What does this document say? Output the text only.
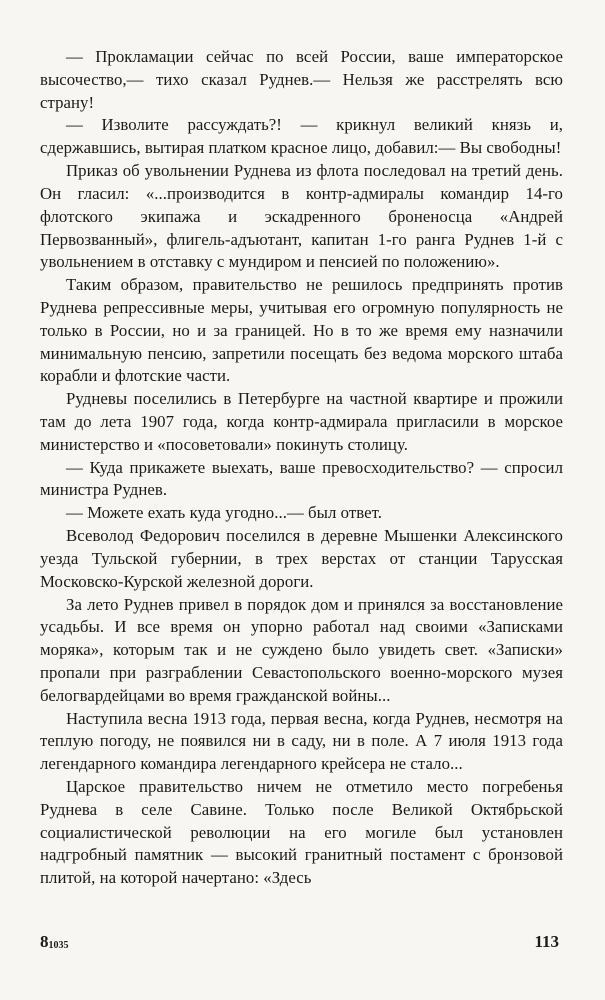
— Прокламации сейчас по всей России, ваше императорское высочество,— тихо сказал Руднев.— Нельзя же расстрелять всю страну!

— Изволите рассуждать?! — крикнул великий князь и, сдержавшись, вытирая платком красное лицо, добавил:— Вы свободны!

Приказ об увольнении Руднева из флота последовал на третий день. Он гласил: «...производится в контр-адмиралы командир 14-го флотского экипажа и эскадренного броненосца «Андрей Первозванный», флигель-адъютант, капитан 1-го ранга Руднев 1-й с увольнением в отставку с мундиром и пенсией по положению».

Таким образом, правительство не решилось предпринять против Руднева репрессивные меры, учитывая его огромную популярность не только в России, но и за границей. Но в то же время ему назначили минимальную пенсию, запретили посещать без ведома морского штаба корабли и флотские части.

Рудневы поселились в Петербурге на частной квартире и прожили там до лета 1907 года, когда контр-адмирала пригласили в морское министерство и «посоветовали» покинуть столицу.

— Куда прикажете выехать, ваше превосходительство? — спросил министра Руднев.

— Можете ехать куда угодно...— был ответ.

Всеволод Федорович поселился в деревне Мышенки Алексинского уезда Тульской губернии, в трех верстах от станции Тарусская Московско-Курской железной дороги.

За лето Руднев привел в порядок дом и принялся за восстановление усадьбы. И все время он упорно работал над своими «Записками моряка», которым так и не суждено было увидеть свет. «Записки» пропали при разграблении Севастопольского военно-морского музея белогвардейцами во время гражданской войны...

Наступила весна 1913 года, первая весна, когда Руднев, несмотря на теплую погоду, не появился ни в саду, ни в поле. А 7 июля 1913 года легендарного командира легендарного крейсера не стало...

Царское правительство ничем не отметило место погребенья Руднева в селе Савине. Только после Великой Октябрьской социалистической революции на его могиле был установлен надгробный памятник — высокий гранитный постамент с бронзовой плитой, на которой начертано: «Здесь

81035	113
